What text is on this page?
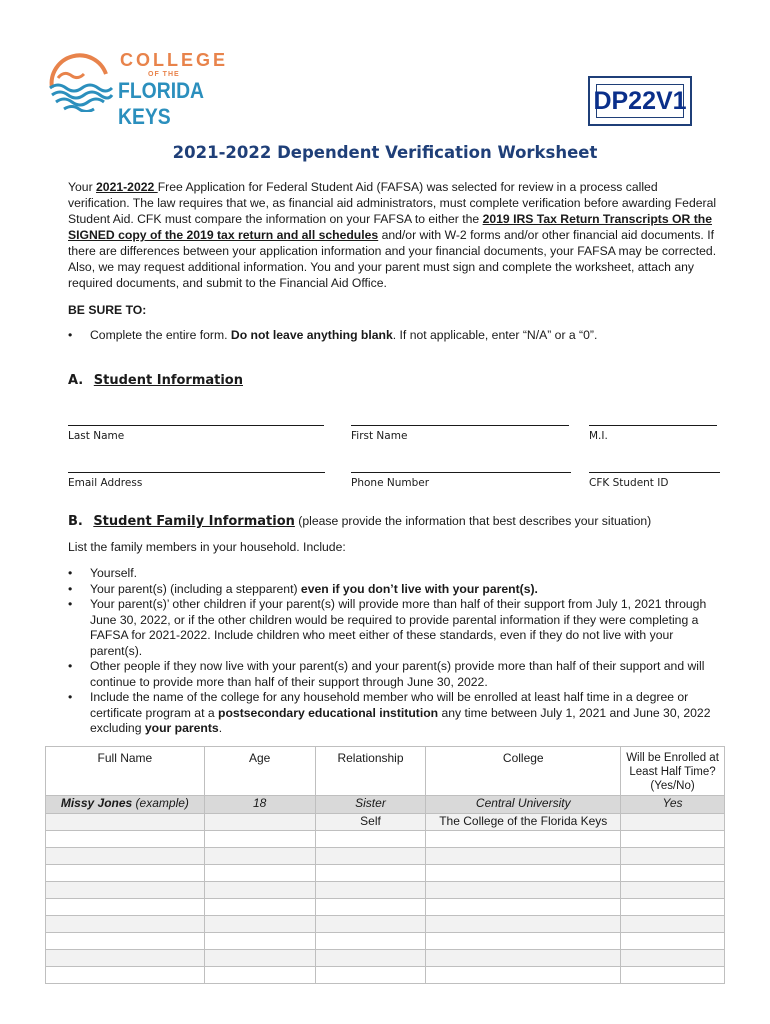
COLLEGE
OF THE
FLORIDA KEYS
DP22V1
2021-2022 Dependent Verification Worksheet
Your 2021-2022 Free Application for Federal Student Aid (FAFSA) was selected for review in a process called verification. The law requires that we, as financial aid administrators, must complete verification before awarding Federal Student Aid. CFK must compare the information on your FAFSA to either the 2019 IRS Tax Return Transcripts OR the SIGNED copy of the 2019 tax return and all schedules and/or with W-2 forms and/or other financial aid documents. If there are differences between your application information and your financial documents, your FAFSA may be corrected. Also, we may request additional information. You and your parent must sign and complete the worksheet, attach any required documents, and submit to the Financial Aid Office.
BE SURE TO:
• Complete the entire form. Do not leave anything blank. If not applicable, enter “N/A” or a “0”.
A. Student Information
Last Name	First Name	M.I.
Email Address	Phone Number	CFK Student ID
B. Student Family Information (please provide the information that best describes your situation)
List the family members in your household. Include:
• Yourself.
• Your parent(s) (including a stepparent) even if you don’t live with your parent(s).
• Your parent(s)’ other children if your parent(s) will provide more than half of their support from July 1, 2021 through June 30, 2022, or if the other children would be required to provide parental information if they were completing a FAFSA for 2021-2022. Include children who meet either of these standards, even if they do not live with your parent(s).
• Other people if they now live with your parent(s) and your parent(s) provide more than half of their support and will continue to provide more than half of their support through June 30, 2022.
• Include the name of the college for any household member who will be enrolled at least half time in a degree or certificate program at a postsecondary educational institution any time between July 1, 2021 and June 30, 2022 excluding your parents.
Full Name	Age	Relationship	College	Will be Enrolled at Least Half Time? (Yes/No)
Missy Jones (example)	18	Sister	Central University	Yes
		Self	The College of the Florida Keys	
